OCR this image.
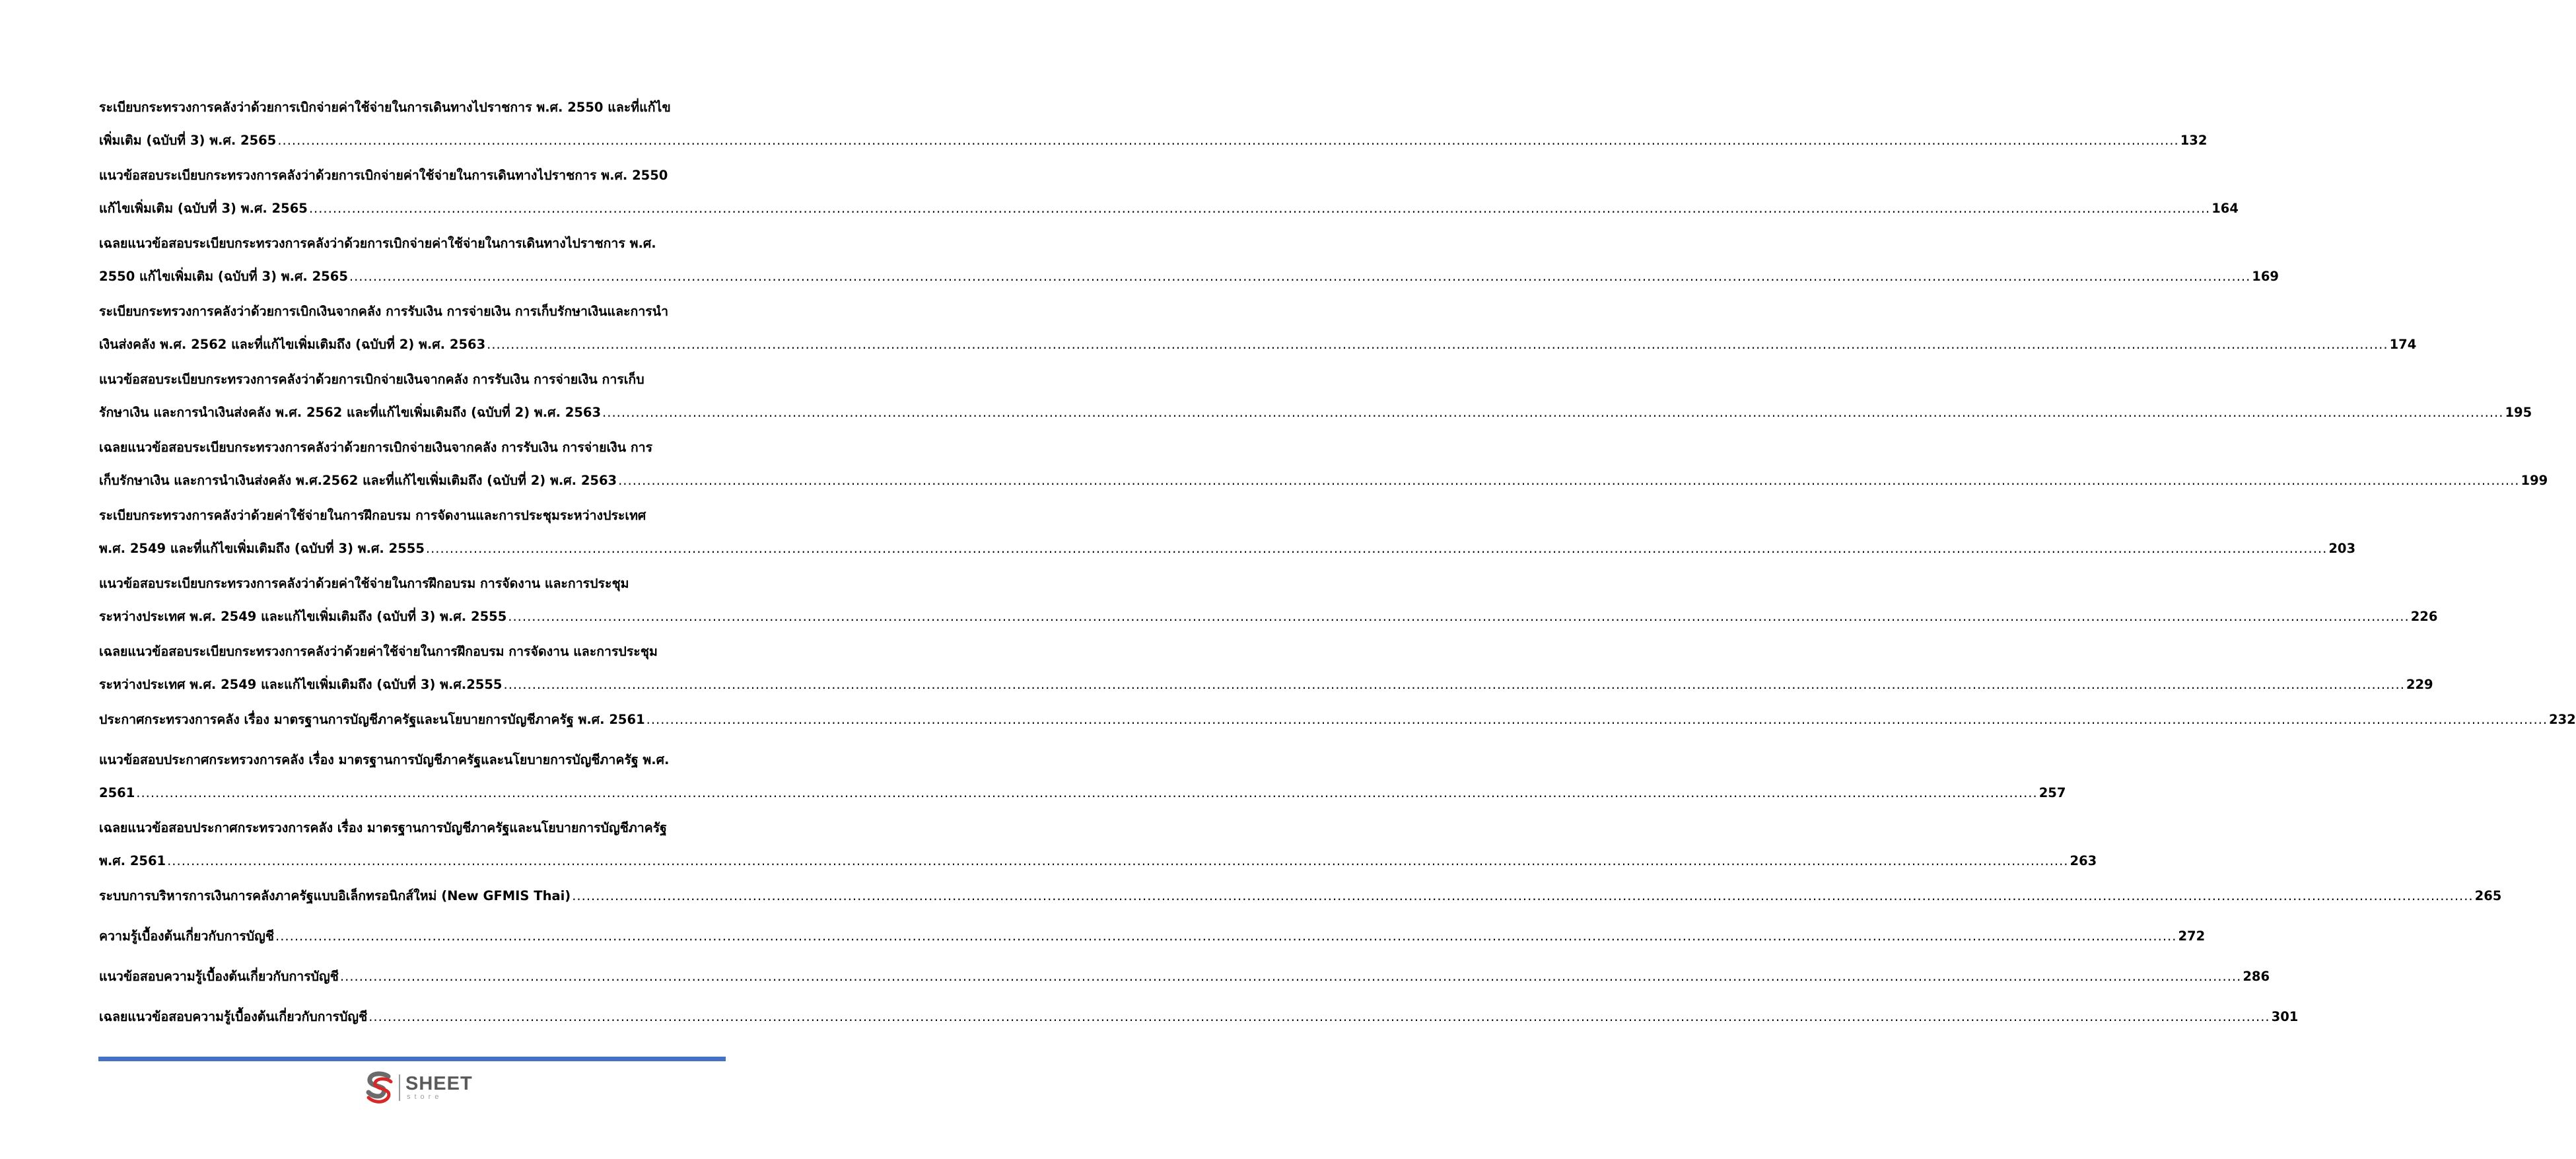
ระเบียบกระทรวงการคลังว่าด้วยการเบิกจ่ายค่าใช้จ่ายในการเดินทางไปราชการ พ.ศ. 2550 และที่แก้ไข
เพิ่มเติม (ฉบับที่ 3) พ.ศ. 2565 ................................................................................................................................................................................................................................................................................................................................................................................................................ 132
แนวข้อสอบระเบียบกระทรวงการคลังว่าด้วยการเบิกจ่ายค่าใช้จ่ายในการเดินทางไปราชการ พ.ศ. 2550
แก้ไขเพิ่มเติม (ฉบับที่ 3) พ.ศ. 2565 ................................................................................................................................................................................................................................................................................................................................................................................................................ 164
เฉลยแนวข้อสอบระเบียบกระทรวงการคลังว่าด้วยการเบิกจ่ายค่าใช้จ่ายในการเดินทางไปราชการ พ.ศ.
2550 แก้ไขเพิ่มเติม (ฉบับที่ 3) พ.ศ. 2565 ................................................................................................................................................................................................................................................................................................................................................................................................................ 169
ระเบียบกระทรวงการคลังว่าด้วยการเบิกเงินจากคลัง การรับเงิน การจ่ายเงิน การเก็บรักษาเงินและการนำ
เงินส่งคลัง พ.ศ. 2562 และที่แก้ไขเพิ่มเติมถึง (ฉบับที่ 2) พ.ศ. 2563 ................................................................................................................................................................................................................................................................................................................................................................................................................ 174
แนวข้อสอบระเบียบกระทรวงการคลังว่าด้วยการเบิกจ่ายเงินจากคลัง การรับเงิน การจ่ายเงิน การเก็บ
รักษาเงิน และการนำเงินส่งคลัง พ.ศ. 2562 และที่แก้ไขเพิ่มเติมถึง (ฉบับที่ 2) พ.ศ. 2563 ................................................................................................................................................................................................................................................................................................................................................................................................................ 195
เฉลยแนวข้อสอบระเบียบกระทรวงการคลังว่าด้วยการเบิกจ่ายเงินจากคลัง การรับเงิน การจ่ายเงิน การ
เก็บรักษาเงิน และการนำเงินส่งคลัง พ.ศ.2562 และที่แก้ไขเพิ่มเติมถึง (ฉบับที่ 2) พ.ศ. 2563 ................................................................................................................................................................................................................................................................................................................................................................................................................ 199
ระเบียบกระทรวงการคลังว่าด้วยค่าใช้จ่ายในการฝึกอบรม การจัดงานและการประชุมระหว่างประเทศ
พ.ศ. 2549 และที่แก้ไขเพิ่มเติมถึง (ฉบับที่ 3) พ.ศ. 2555 ................................................................................................................................................................................................................................................................................................................................................................................................................ 203
แนวข้อสอบระเบียบกระทรวงการคลังว่าด้วยค่าใช้จ่ายในการฝึกอบรม การจัดงาน และการประชุม
ระหว่างประเทศ พ.ศ. 2549 และแก้ไขเพิ่มเติมถึง (ฉบับที่ 3) พ.ศ. 2555 ................................................................................................................................................................................................................................................................................................................................................................................................................ 226
เฉลยแนวข้อสอบระเบียบกระทรวงการคลังว่าด้วยค่าใช้จ่ายในการฝึกอบรม การจัดงาน และการประชุม
ระหว่างประเทศ พ.ศ. 2549 และแก้ไขเพิ่มเติมถึง (ฉบับที่ 3) พ.ศ.2555 ................................................................................................................................................................................................................................................................................................................................................................................................................ 229
ประกาศกระทรวงการคลัง เรื่อง มาตรฐานการบัญชีภาครัฐและนโยบายการบัญชีภาครัฐ พ.ศ. 2561 ................................................................................................................................................................................................................................................................................................................................................................................................................ 232
แนวข้อสอบประกาศกระทรวงการคลัง เรื่อง มาตรฐานการบัญชีภาครัฐและนโยบายการบัญชีภาครัฐ พ.ศ.
2561 ................................................................................................................................................................................................................................................................................................................................................................................................................ 257
เฉลยแนวข้อสอบประกาศกระทรวงการคลัง เรื่อง มาตรฐานการบัญชีภาครัฐและนโยบายการบัญชีภาครัฐ
พ.ศ. 2561 ................................................................................................................................................................................................................................................................................................................................................................................................................ 263
ระบบการบริหารการเงินการคลังภาครัฐแบบอิเล็กทรอนิกส์ใหม่ (New GFMIS Thai) ................................................................................................................................................................................................................................................................................................................................................................................................................ 265
ความรู้เบื้องต้นเกี่ยวกับการบัญชี ................................................................................................................................................................................................................................................................................................................................................................................................................ 272
แนวข้อสอบความรู้เบื้องต้นเกี่ยวกับการบัญชี ................................................................................................................................................................................................................................................................................................................................................................................................................ 286
เฉลยแนวข้อสอบความรู้เบื้องต้นเกี่ยวกับการบัญชี ................................................................................................................................................................................................................................................................................................................................................................................................................ 301
SHEET
store
